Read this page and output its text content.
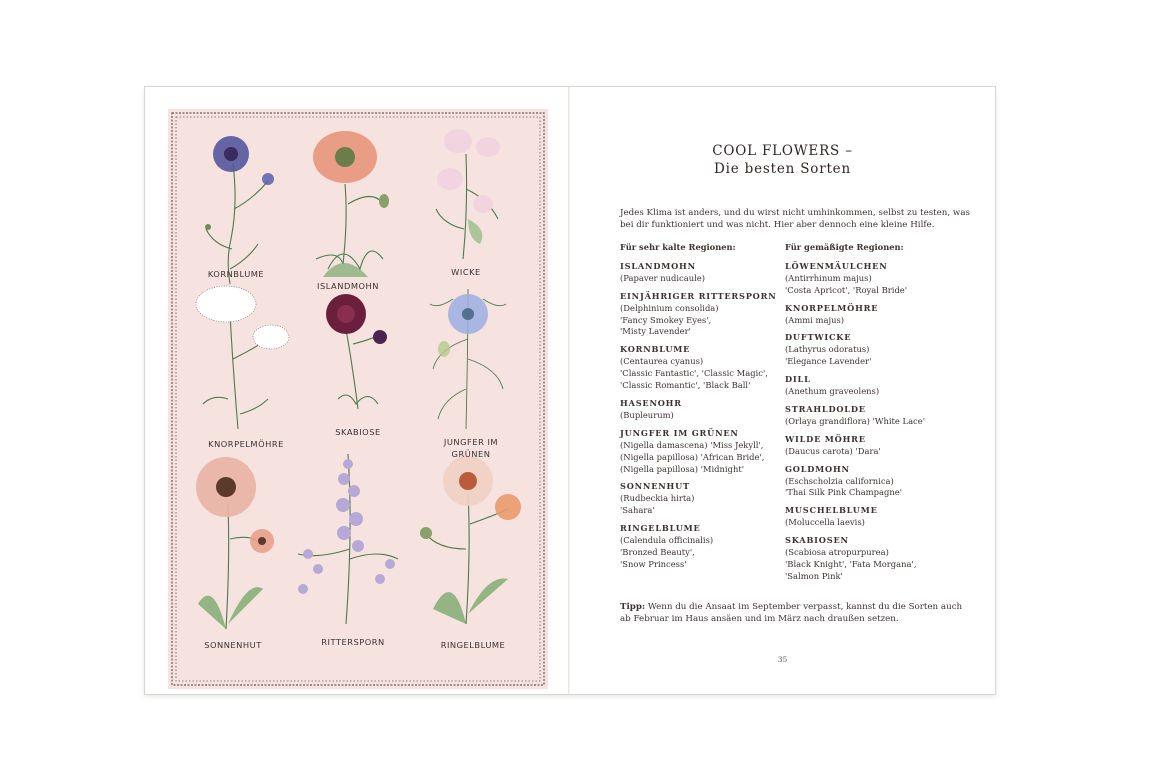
KORNBLUME
ISLANDMOHN
WICKE
KNORPELMÖHRE
SKABIOSE
JUNGFER IM
GRÜNEN
SONNENHUT	RITTERSPORN	RINGELBLUME
COOL FLOWERS –
Die besten Sorten
Jedes Klima ist anders, und du wirst nicht umhinkommen, selbst zu testen, was bei dir funktioniert und was nicht. Hier aber dennoch eine kleine Hilfe.
Für sehr kalte Regionen:
ISLANDMOHN
(Papaver nudicaule)
EINJÄHRIGER RITTERSPORN
(Delphinium consolida)
'Fancy Smokey Eyes',
'Misty Lavender'
KORNBLUME
(Centaurea cyanus)
'Classic Fantastic', 'Classic Magic',
'Classic Romantic', 'Black Ball'
HASENOHR
(Bupleurum)
JUNGFER IM GRÜNEN
(Nigella damascena) 'Miss Jekyll',
(Nigella papillosa) 'African Bride',
(Nigella papillosa) 'Midnight'
SONNENHUT
(Rudbeckia hirta)
'Sahara'
RINGELBLUME
(Calendula officinalis)
'Bronzed Beauty',
'Snow Princess'
Für gemäßigte Regionen:
LÖWENMÄULCHEN
(Antirrhinum majus)
'Costa Apricot', 'Royal Bride'
KNORPELMÖHRE
(Ammi majus)
DUFTWICKE
(Lathyrus odoratus)
'Elegance Lavender'
DILL
(Anethum graveolens)
STRAHLDOLDE
(Orlaya grandiflora) 'White Lace'
WILDE MÖHRE
(Daucus carota) 'Dara'
GOLDMOHN
(Eschscholzia californica)
'Thai Silk Pink Champagne'
MUSCHELBLUME
(Moluccella laevis)
SKABIOSEN
(Scabiosa atropurpurea)
'Black Knight', 'Fata Morgana',
'Salmon Pink'
Tipp: Wenn du die Ansaat im September verpasst, kannst du die Sorten auch ab Februar im Haus ansäen und im März nach draußen setzen.
35
